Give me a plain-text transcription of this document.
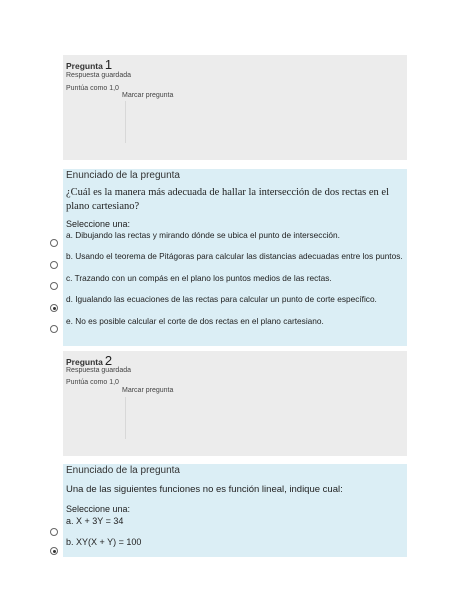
Pregunta 1
Respuesta guardada
Puntúa como 1,0
Marcar pregunta
Enunciado de la pregunta
¿Cuál es la manera más adecuada de hallar la intersección de dos rectas en el plano cartesiano?
Seleccione una:
a. Dibujando las rectas y mirando dónde se ubica el punto de intersección.
b. Usando el teorema de Pitágoras para calcular las distancias adecuadas entre los puntos.
c. Trazando con un compás en el plano los puntos medios de las rectas.
d. Igualando las ecuaciones de las rectas para calcular un punto de corte específico.
e. No es posible calcular el corte de dos rectas en el plano cartesiano.
Pregunta 2
Respuesta guardada
Puntúa como 1,0
Marcar pregunta
Enunciado de la pregunta
Una de las siguientes funciones no es función lineal, indique cual:
Seleccione una:
a. X + 3Y = 34
b. XY(X + Y) = 100
